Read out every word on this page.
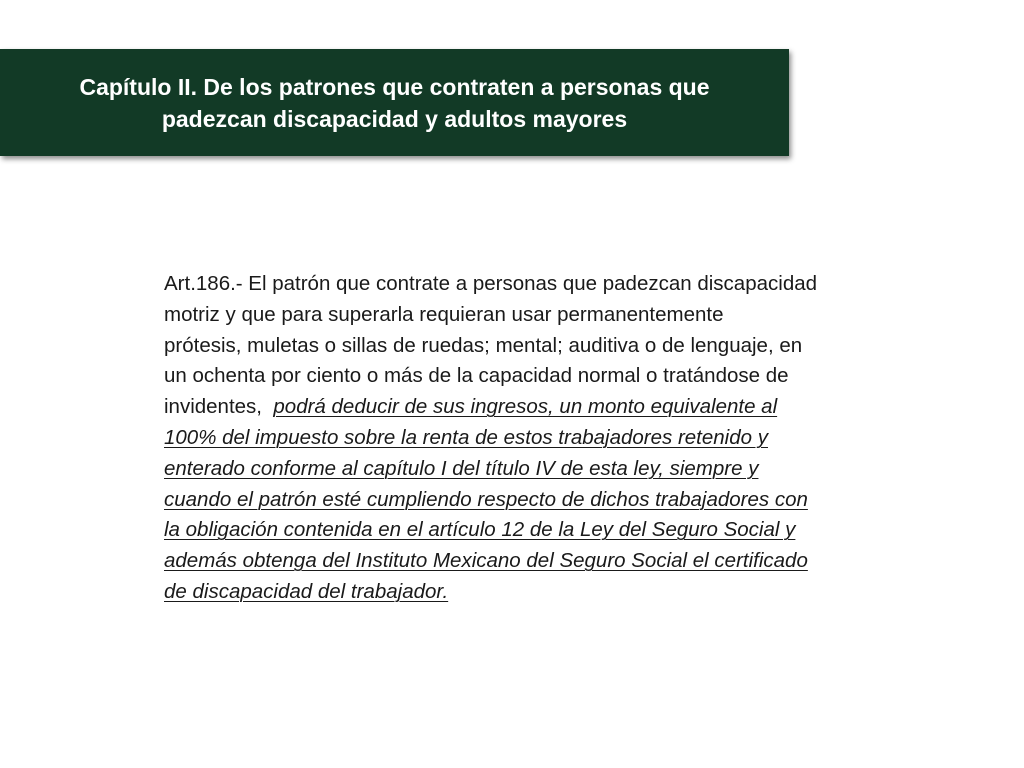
Capítulo II. De los patrones que contraten a personas que
padezcan discapacidad y adultos mayores
Art.186.- El patrón que contrate a personas que padezcan discapacidad
motriz y que para superarla requieran usar permanentemente
prótesis, muletas o sillas de ruedas; mental; auditiva o de lenguaje, en
un ochenta por ciento o más de la capacidad normal o tratándose de
invidentes,  podrá deducir de sus ingresos, un monto equivalente al
100% del impuesto sobre la renta de estos trabajadores retenido y
enterado conforme al capítulo I del título IV de esta ley, siempre y
cuando el patrón esté cumpliendo respecto de dichos trabajadores con
la obligación contenida en el artículo 12 de la Ley del Seguro Social y
además obtenga del Instituto Mexicano del Seguro Social el certificado
de discapacidad del trabajador.
